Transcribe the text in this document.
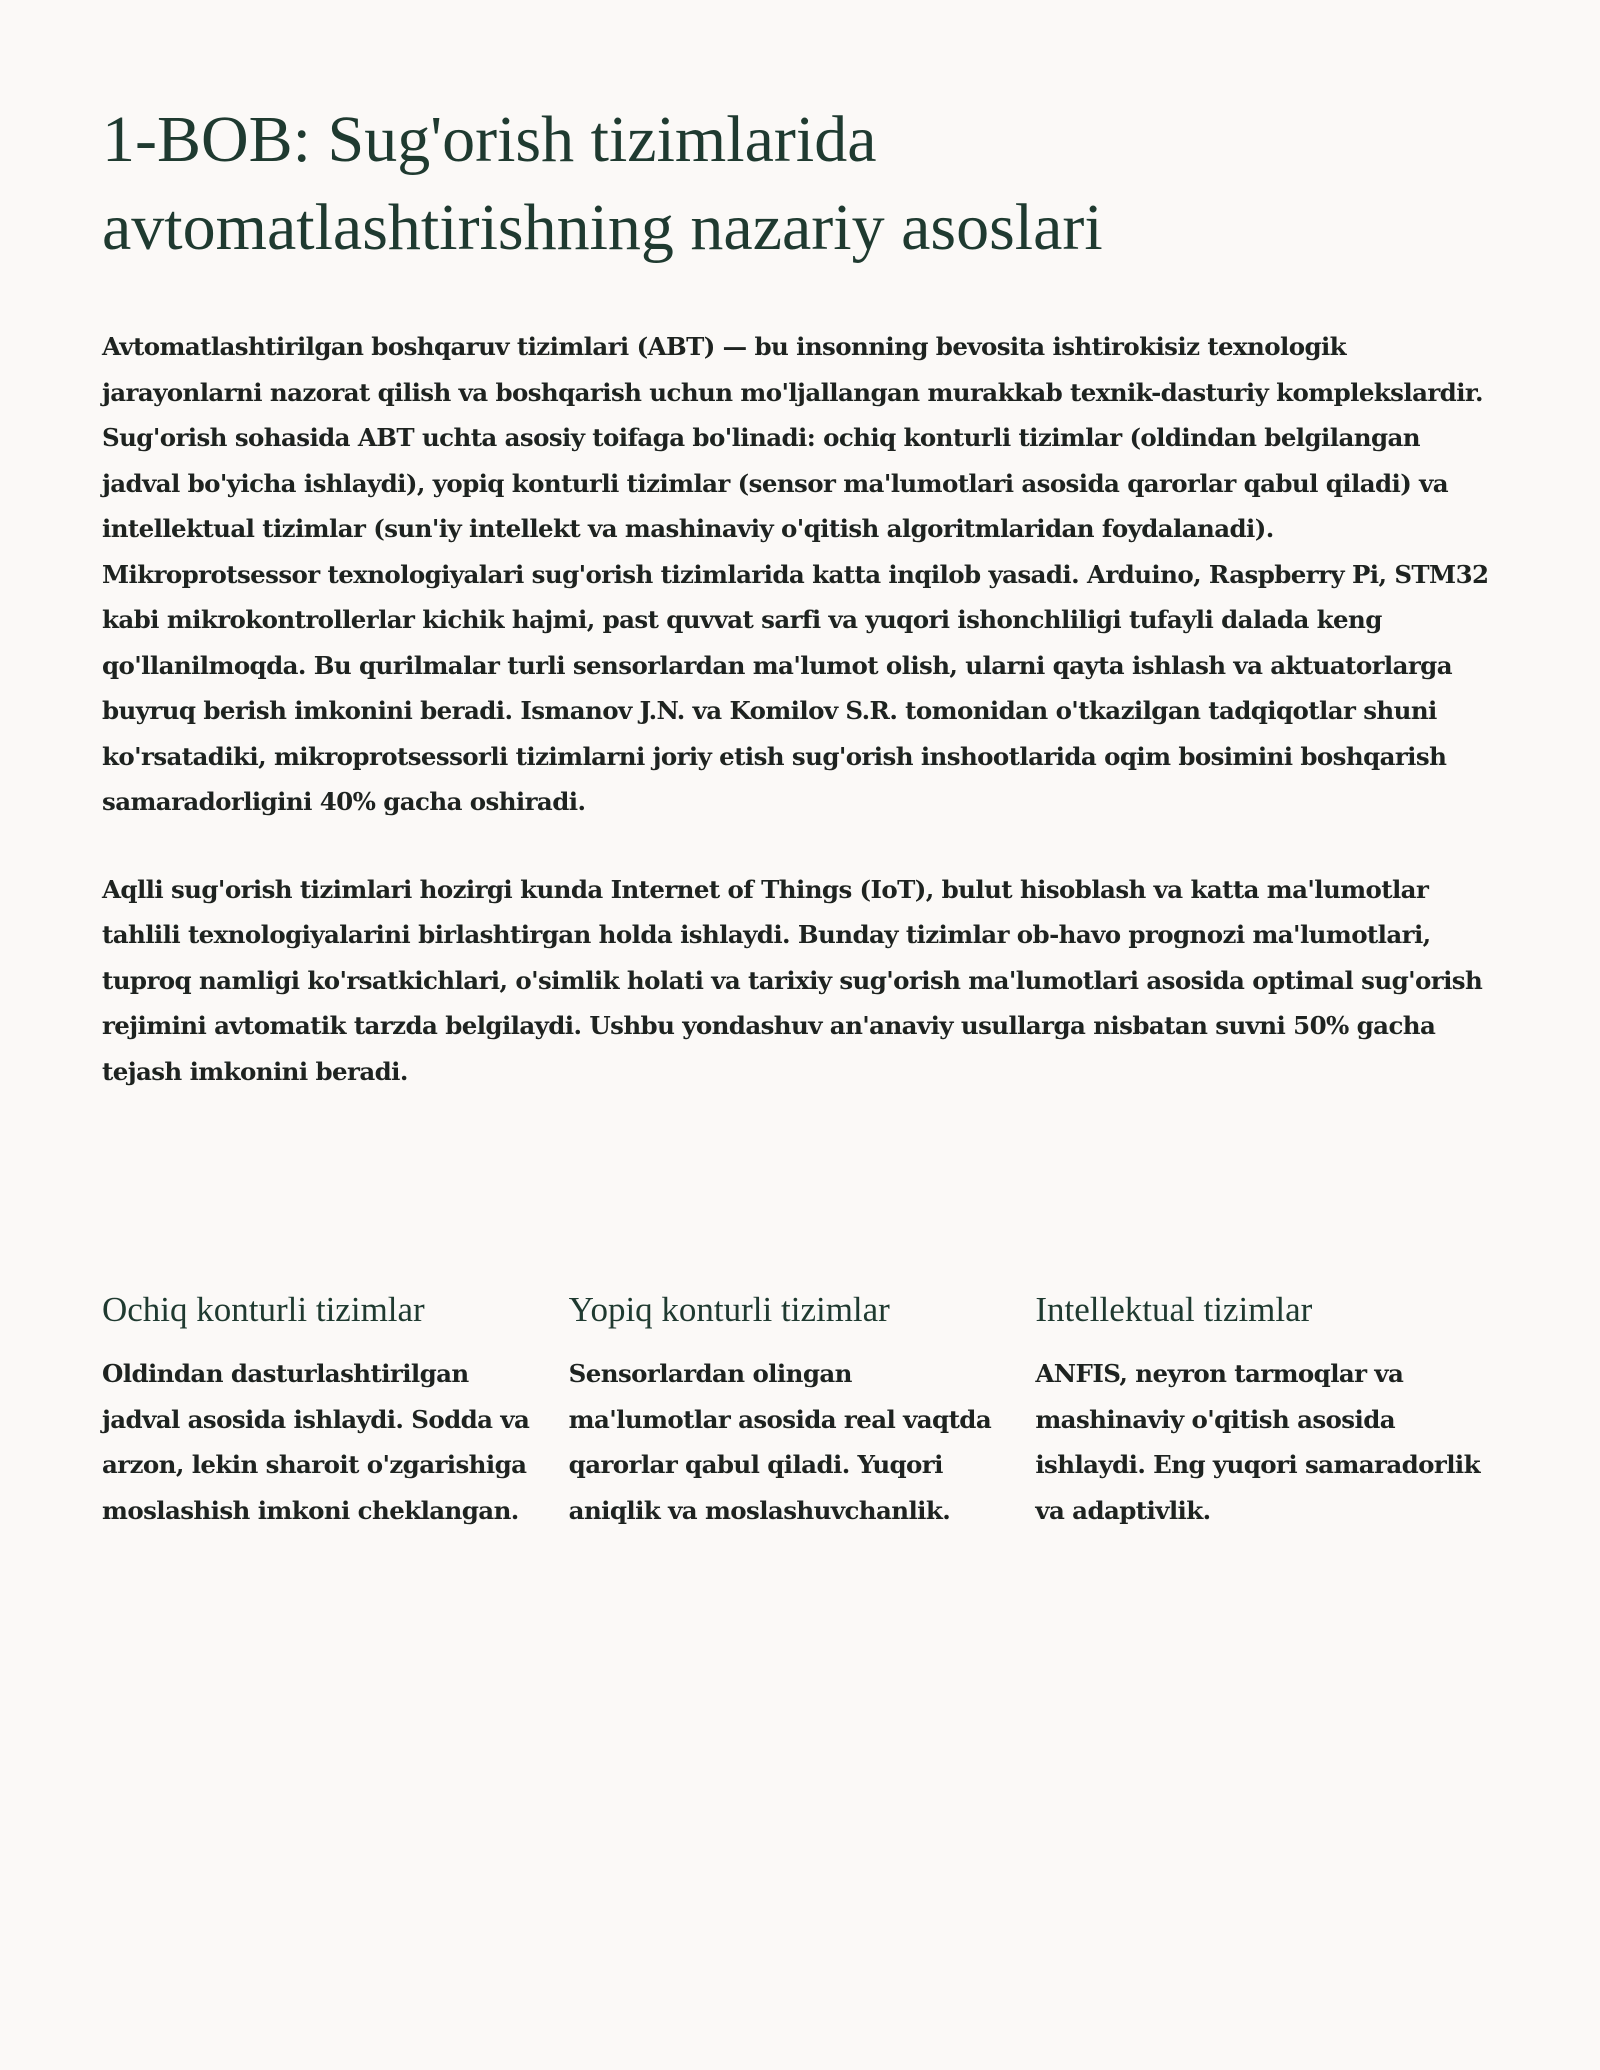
1-BOB: Sug'orish tizimlarida avtomatlashtirishning nazariy asoslari

Avtomatlashtirilgan boshqaruv tizimlari (ABT) — bu insonning bevosita ishtirokisiz texnologik jarayonlarni nazorat qilish va boshqarish uchun mo'ljallangan murakkab texnik-dasturiy komplekslardir. Sug'orish sohasida ABT uchta asosiy toifaga bo'linadi: ochiq konturli tizimlar (oldindan belgilangan jadval bo'yicha ishlaydi), yopiq konturli tizimlar (sensor ma'lumotlari asosida qarorlar qabul qiladi) va intellektual tizimlar (sun'iy intellekt va mashinaviy o'qitish algoritmlaridan foydalanadi).

Mikroprotsessor texnologiyalari sug'orish tizimlarida katta inqilob yasadi. Arduino, Raspberry Pi, STM32 kabi mikrokontrollerlar kichik hajmi, past quvvat sarfi va yuqori ishonchliligi tufayli dalada keng qo'llanilmoqda. Bu qurilmalar turli sensorlardan ma'lumot olish, ularni qayta ishlash va aktuatorlarga buyruq berish imkonini beradi. Ismanov J.N. va Komilov S.R. tomonidan o'tkazilgan tadqiqotlar shuni ko'rsatadiki, mikroprotsessorli tizimlarni joriy etish sug'orish inshootlarida oqim bosimini boshqarish samaradorligini 40% gacha oshiradi.

Aqlli sug'orish tizimlari hozirgi kunda Internet of Things (IoT), bulut hisoblash va katta ma'lumotlar tahlili texnologiyalarini birlashtirgan holda ishlaydi. Bunday tizimlar ob-havo prognozi ma'lumotlari, tuproq namligi ko'rsatkichlari, o'simlik holati va tarixiy sug'orish ma'lumotlari asosida optimal sug'orish rejimini avtomatik tarzda belgilaydi. Ushbu yondashuv an'anaviy usullarga nisbatan suvni 50% gacha tejash imkonini beradi.

Ochiq konturli tizimlar

Oldindan dasturlashtirilgan jadval asosida ishlaydi. Sodda va arzon, lekin sharoit o'zgarishiga moslashish imkoni cheklangan.

Yopiq konturli tizimlar

Sensorlardan olingan ma'lumotlar asosida real vaqtda qarorlar qabul qiladi. Yuqori aniqlik va moslashuvchanlik.

Intellektual tizimlar

ANFIS, neyron tarmoqlar va mashinaviy o'qitish asosida ishlaydi. Eng yuqori samaradorlik va adaptivlik.
